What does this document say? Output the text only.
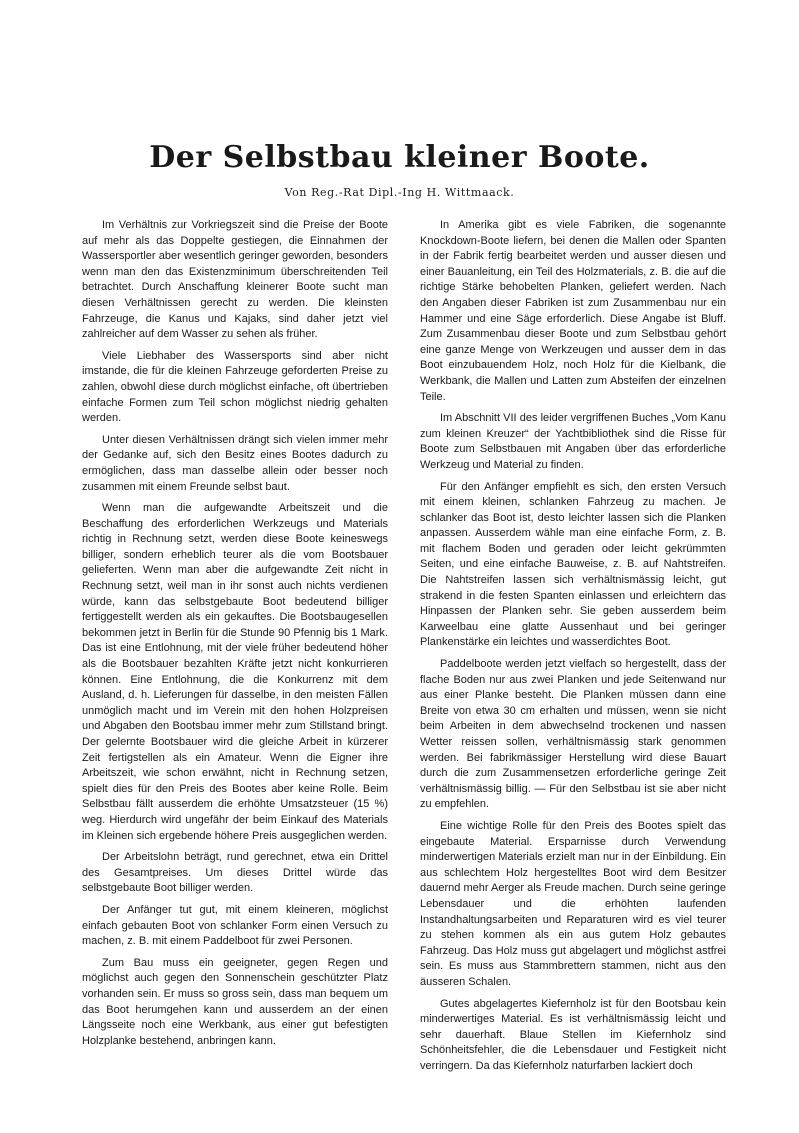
Der Selbstbau kleiner Boote.
Von Reg.-Rat Dipl.-Ing H. Wittmaack.

Im Verhältnis zur Vorkriegszeit sind die Preise der Boote auf mehr als das Doppelte gestiegen, die Einnahmen der Wassersportler aber wesentlich geringer geworden, besonders wenn man den das Existenzminimum überschreitenden Teil betrachtet. Durch Anschaffung kleinerer Boote sucht man diesen Verhältnissen gerecht zu werden. Die kleinsten Fahrzeuge, die Kanus und Kajaks, sind daher jetzt viel zahlreicher auf dem Wasser zu sehen als früher.

Viele Liebhaber des Wassersports sind aber nicht imstande, die für die kleinen Fahrzeuge geforderten Preise zu zahlen, obwohl diese durch möglichst einfache, oft übertrieben einfache Formen zum Teil schon möglichst niedrig gehalten werden.

Unter diesen Verhältnissen drängt sich vielen immer mehr der Gedanke auf, sich den Besitz eines Bootes dadurch zu ermöglichen, dass man dasselbe allein oder besser noch zusammen mit einem Freunde selbst baut.

Wenn man die aufgewandte Arbeitszeit und die Beschaffung des erforderlichen Werkzeugs und Materials richtig in Rechnung setzt, werden diese Boote keineswegs billiger, sondern erheblich teurer als die vom Bootsbauer gelieferten. Wenn man aber die aufgewandte Zeit nicht in Rechnung setzt, weil man in ihr sonst auch nichts verdienen würde, kann das selbstgebaute Boot bedeutend billiger fertiggestellt werden als ein gekauftes. Die Bootsbaugesellen bekommen jetzt in Berlin für die Stunde 90 Pfennig bis 1 Mark. Das ist eine Entlohnung, mit der viele früher bedeutend höher als die Bootsbauer bezahlten Kräfte jetzt nicht konkurrieren können. Eine Entlohnung, die die Konkurrenz mit dem Ausland, d. h. Lieferungen für dasselbe, in den meisten Fällen unmöglich macht und im Verein mit den hohen Holzpreisen und Abgaben den Bootsbau immer mehr zum Stillstand bringt. Der gelernte Bootsbauer wird die gleiche Arbeit in kürzerer Zeit fertigstellen als ein Amateur. Wenn die Eigner ihre Arbeitszeit, wie schon erwähnt, nicht in Rechnung setzen, spielt dies für den Preis des Bootes aber keine Rolle. Beim Selbstbau fällt ausserdem die erhöhte Umsatzsteuer (15 %) weg. Hierdurch wird ungefähr der beim Einkauf des Materials im Kleinen sich ergebende höhere Preis ausgeglichen werden.

Der Arbeitslohn beträgt, rund gerechnet, etwa ein Drittel des Gesamtpreises. Um dieses Drittel würde das selbstgebaute Boot billiger werden.

Der Anfänger tut gut, mit einem kleineren, möglichst einfach gebauten Boot von schlanker Form einen Versuch zu machen, z. B. mit einem Paddelboot für zwei Personen.

Zum Bau muss ein geeigneter, gegen Regen und möglichst auch gegen den Sonnenschein geschützter Platz vorhanden sein. Er muss so gross sein, dass man bequem um das Boot herumgehen kann und ausserdem an der einen Längsseite noch eine Werkbank, aus einer gut befestigten Holzplanke bestehend, anbringen kann.

In Amerika gibt es viele Fabriken, die sogenannte Knockdown-Boote liefern, bei denen die Mallen oder Spanten in der Fabrik fertig bearbeitet werden und ausser diesen und einer Bauanleitung, ein Teil des Holzmaterials, z. B. die auf die richtige Stärke behobelten Planken, geliefert werden. Nach den Angaben dieser Fabriken ist zum Zusammenbau nur ein Hammer und eine Säge erforderlich. Diese Angabe ist Bluff. Zum Zusammenbau dieser Boote und zum Selbstbau gehört eine ganze Menge von Werkzeugen und ausser dem in das Boot einzubauendem Holz, noch Holz für die Kielbank, die Werkbank, die Mallen und Latten zum Absteifen der einzelnen Teile.

Im Abschnitt VII des leider vergriffenen Buches „Vom Kanu zum kleinen Kreuzer“ der Yachtbibliothek sind die Risse für Boote zum Selbstbauen mit Angaben über das erforderliche Werkzeug und Material zu finden.

Für den Anfänger empfiehlt es sich, den ersten Versuch mit einem kleinen, schlanken Fahrzeug zu machen. Je schlanker das Boot ist, desto leichter lassen sich die Planken anpassen. Ausserdem wähle man eine einfache Form, z. B. mit flachem Boden und geraden oder leicht gekrümmten Seiten, und eine einfache Bauweise, z. B. auf Nahtstreifen. Die Nahtstreifen lassen sich verhältnismässig leicht, gut strakend in die festen Spanten einlassen und erleichtern das Hinpassen der Planken sehr. Sie geben ausserdem beim Karweelbau eine glatte Aussenhaut und bei geringer Plankenstärke ein leichtes und wasserdichtes Boot.

Paddelboote werden jetzt vielfach so hergestellt, dass der flache Boden nur aus zwei Planken und jede Seitenwand nur aus einer Planke besteht. Die Planken müssen dann eine Breite von etwa 30 cm erhalten und müssen, wenn sie nicht beim Arbeiten in dem abwechselnd trockenen und nassen Wetter reissen sollen, verhältnismässig stark genommen werden. Bei fabrikmässiger Herstellung wird diese Bauart durch die zum Zusammensetzen erforderliche geringe Zeit verhältnismässig billig. — Für den Selbstbau ist sie aber nicht zu empfehlen.

Eine wichtige Rolle für den Preis des Bootes spielt das eingebaute Material. Ersparnisse durch Verwendung minderwertigen Materials erzielt man nur in der Einbildung. Ein aus schlechtem Holz hergestelltes Boot wird dem Besitzer dauernd mehr Aerger als Freude machen. Durch seine geringe Lebensdauer und die erhöhten laufenden Instandhaltungsarbeiten und Reparaturen wird es viel teurer zu stehen kommen als ein aus gutem Holz gebautes Fahrzeug. Das Holz muss gut abgelagert und möglichst astfrei sein. Es muss aus Stammbrettern stammen, nicht aus den äusseren Schalen.

Gutes abgelagertes Kiefernholz ist für den Bootsbau kein minderwertiges Material. Es ist verhältnismässig leicht und sehr dauerhaft. Blaue Stellen im Kiefernholz sind Schönheitsfehler, die die Lebensdauer und Festigkeit nicht verringern. Da das Kiefernholz naturfarben lackiert doch
